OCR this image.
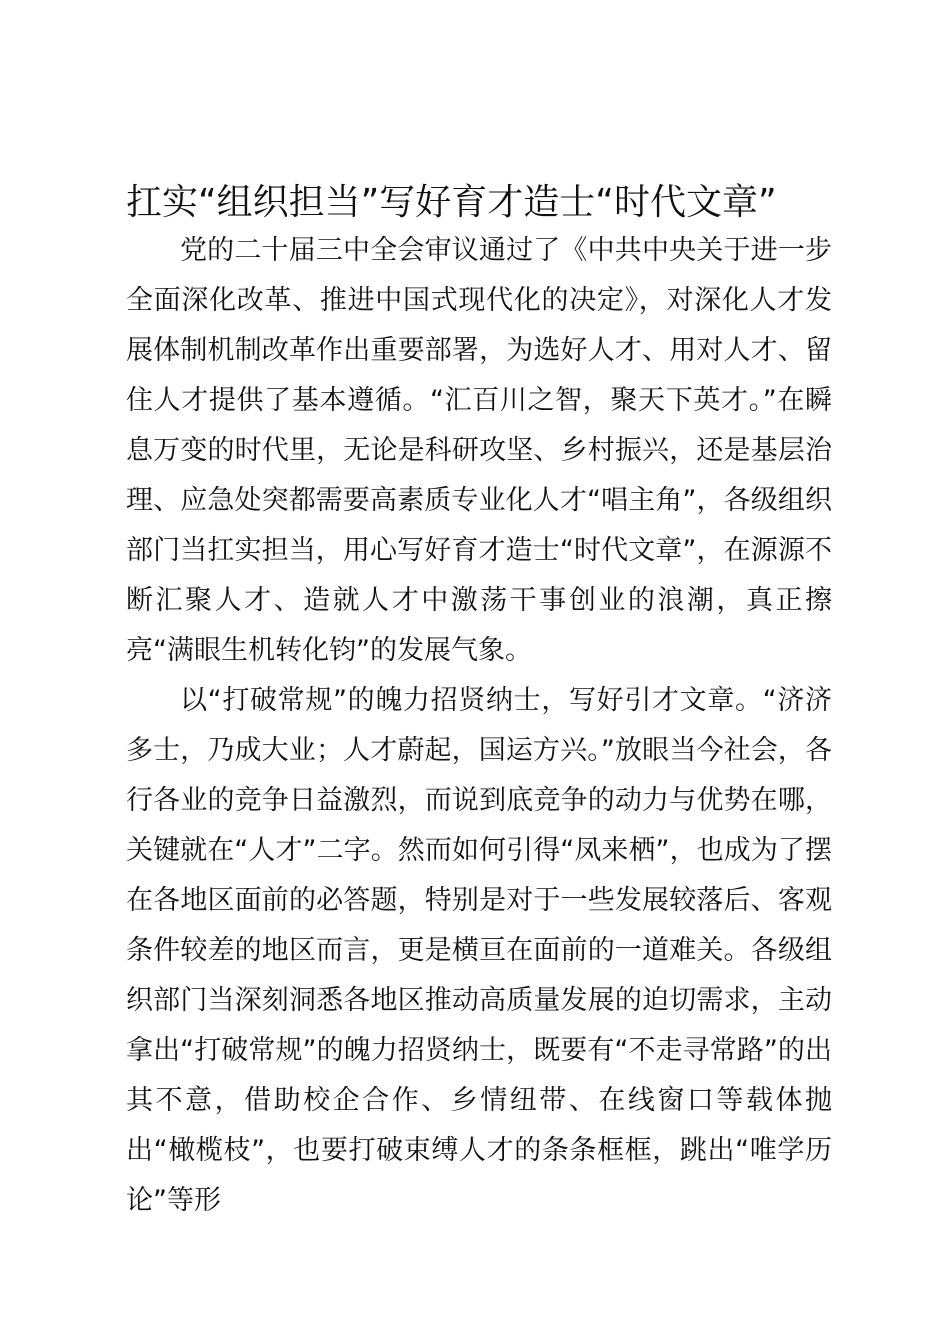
扛实“组织担当”写好育才造士“时代文章”

党的二十届三中全会审议通过了《中共中央关于进一步全面深化改革、推进中国式现代化的决定》，对深化人才发展体制机制改革作出重要部署，为选好人才、用对人才、留住人才提供了基本遵循。“汇百川之智，聚天下英才。”在瞬息万变的时代里，无论是科研攻坚、乡村振兴，还是基层治理、应急处突都需要高素质专业化人才“唱主角”，各级组织部门当扛实担当，用心写好育才造士“时代文章”，在源源不断汇聚人才、造就人才中激荡干事创业的浪潮，真正擦亮“满眼生机转化钧”的发展气象。

以“打破常规”的魄力招贤纳士，写好引才文章。“济济多士，乃成大业；人才蔚起，国运方兴。”放眼当今社会，各行各业的竞争日益激烈，而说到底竞争的动力与优势在哪，关键就在“人才”二字。然而如何引得“凤来栖”，也成为了摆在各地区面前的必答题，特别是对于一些发展较落后、客观条件较差的地区而言，更是横亘在面前的一道难关。各级组织部门当深刻洞悉各地区推动高质量发展的迫切需求，主动拿出“打破常规”的魄力招贤纳士，既要有“不走寻常路”的出其不意，借助校企合作、乡情纽带、在线窗口等载体抛出“橄榄枝”，也要打破束缚人才的条条框框，跳出“唯学历论”等形
